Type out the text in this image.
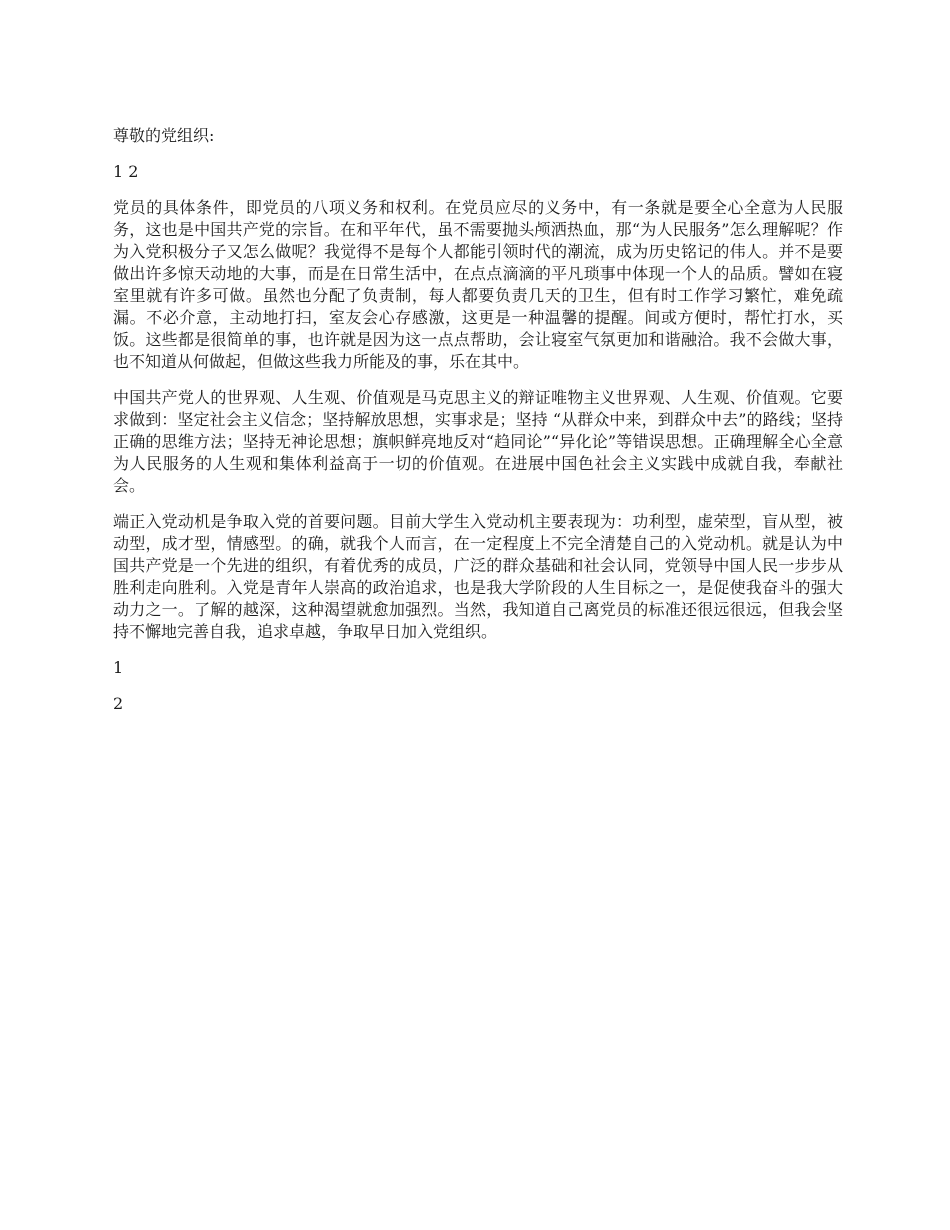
尊敬的党组织:

1 2

党员的具体条件，即党员的八项义务和权利。在党员应尽的义务中，有一条就是要全心全意为人民服务，这也是中国共产党的宗旨。在和平年代，虽不需要抛头颅洒热血，那“为人民服务”怎么理解呢？作为入党积极分子又怎么做呢？我觉得不是每个人都能引领时代的潮流，成为历史铭记的伟人。并不是要做出许多惊天动地的大事，而是在日常生活中，在点点滴滴的平凡琐事中体现一个人的品质。譬如在寝室里就有许多可做。虽然也分配了负责制，每人都要负责几天的卫生，但有时工作学习繁忙，难免疏漏。不必介意，主动地打扫，室友会心存感激，这更是一种温馨的提醒。间或方便时，帮忙打水，买饭。这些都是很简单的事，也许就是因为这一点点帮助，会让寝室气氛更加和谐融洽。我不会做大事，也不知道从何做起，但做这些我力所能及的事，乐在其中。

中国共产党人的世界观、人生观、价值观是马克思主义的辩证唯物主义世界观、人生观、价值观。它要求做到：坚定社会主义信念；坚持解放思想，实事求是；坚持 “从群众中来，到群众中去”的路线；坚持正确的思维方法；坚持无神论思想；旗帜鲜亮地反对“趋同论”“异化论”等错误思想。正确理解全心全意为人民服务的人生观和集体利益高于一切的价值观。在进展中国色社会主义实践中成就自我，奉献社会。

端正入党动机是争取入党的首要问题。目前大学生入党动机主要表现为：功利型，虚荣型，盲从型，被动型，成才型，情感型。的确，就我个人而言，在一定程度上不完全清楚自己的入党动机。就是认为中国共产党是一个先进的组织，有着优秀的成员，广泛的群众基础和社会认同，党领导中国人民一步步从胜利走向胜利。入党是青年人崇高的政治追求，也是我大学阶段的人生目标之一，是促使我奋斗的强大动力之一。了解的越深，这种渴望就愈加强烈。当然，我知道自己离党员的标准还很远很远，但我会坚持不懈地完善自我，追求卓越，争取早日加入党组织。

1

2
